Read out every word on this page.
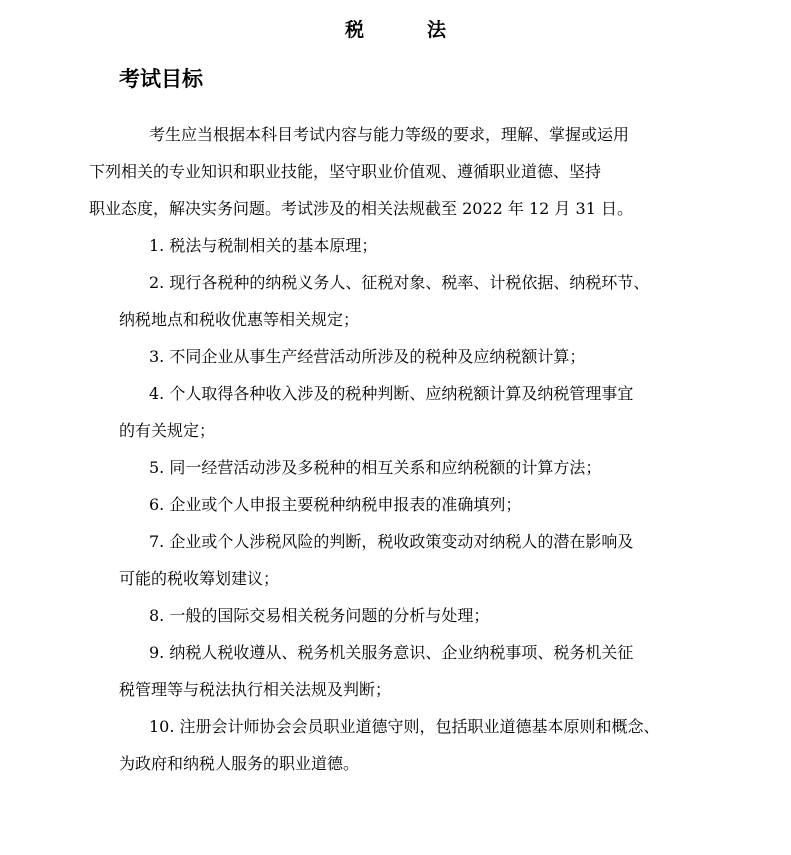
税　法
考试目标
考生应当根据本科目考试内容与能力等级的要求，理解、掌握或运用
下列相关的专业知识和职业技能，坚守职业价值观、遵循职业道德、坚持
职业态度，解决实务问题。考试涉及的相关法规截至 2022 年 12 月 31 日。
1. 税法与税制相关的基本原理；
2. 现行各税种的纳税义务人、征税对象、税率、计税依据、纳税环节、
纳税地点和税收优惠等相关规定；
3. 不同企业从事生产经营活动所涉及的税种及应纳税额计算；
4. 个人取得各种收入涉及的税种判断、应纳税额计算及纳税管理事宜
的有关规定；
5. 同一经营活动涉及多税种的相互关系和应纳税额的计算方法；
6. 企业或个人申报主要税种纳税申报表的准确填列；
7. 企业或个人涉税风险的判断，税收政策变动对纳税人的潜在影响及
可能的税收筹划建议；
8. 一般的国际交易相关税务问题的分析与处理；
9. 纳税人税收遵从、税务机关服务意识、企业纳税事项、税务机关征
税管理等与税法执行相关法规及判断；
10. 注册会计师协会会员职业道德守则，包括职业道德基本原则和概念、
为政府和纳税人服务的职业道德。
